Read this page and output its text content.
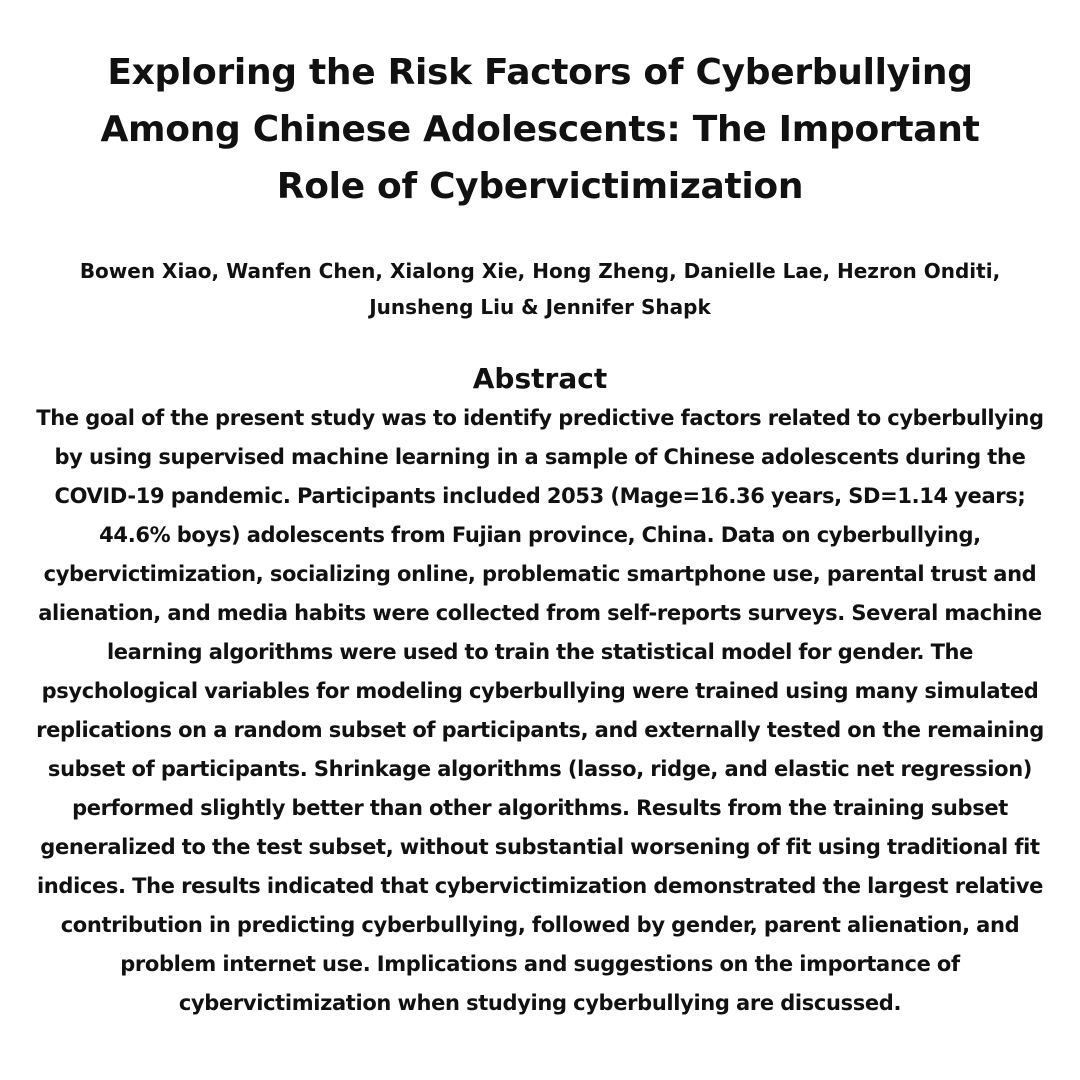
Exploring the Risk Factors of Cyberbullying Among Chinese Adolescents: The Important Role of Cybervictimization

Bowen Xiao, Wanfen Chen, Xialong Xie, Hong Zheng, Danielle Lae, Hezron Onditi, Junsheng Liu & Jennifer Shapk

Abstract

The goal of the present study was to identify predictive factors related to cyberbullying by using supervised machine learning in a sample of Chinese adolescents during the COVID-19 pandemic. Participants included 2053 (Mage=16.36 years, SD=1.14 years; 44.6% boys) adolescents from Fujian province, China. Data on cyberbullying, cybervictimization, socializing online, problematic smartphone use, parental trust and alienation, and media habits were collected from self-reports surveys. Several machine learning algorithms were used to train the statistical model for gender. The psychological variables for modeling cyberbullying were trained using many simulated replications on a random subset of participants, and externally tested on the remaining subset of participants. Shrinkage algorithms (lasso, ridge, and elastic net regression) performed slightly better than other algorithms. Results from the training subset generalized to the test subset, without substantial worsening of fit using traditional fit indices. The results indicated that cybervictimization demonstrated the largest relative contribution in predicting cyberbullying, followed by gender, parent alienation, and problem internet use. Implications and suggestions on the importance of cybervictimization when studying cyberbullying are discussed.
